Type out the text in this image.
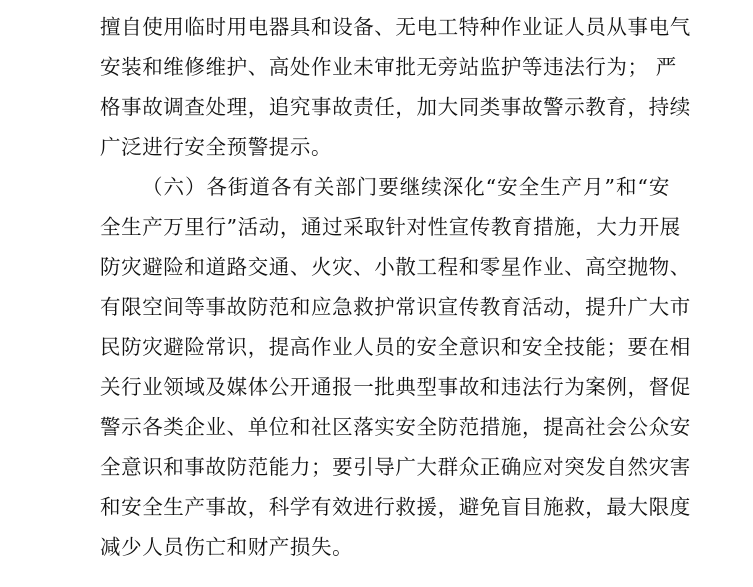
擅自使用临时用电器具和设备、无电工特种作业证人员从事电气
安装和维修维护、高处作业未审批无旁站监护等违法行为； 严
格事故调查处理，追究事故责任，加大同类事故警示教育，持续
广泛进行安全预警提示。
（六）各街道各有关部门要继续深化“安全生产月”和“安
全生产万里行”活动，通过采取针对性宣传教育措施，大力开展
防灾避险和道路交通、火灾、小散工程和零星作业、高空抛物、
有限空间等事故防范和应急救护常识宣传教育活动，提升广大市
民防灾避险常识，提高作业人员的安全意识和安全技能；要在相
关行业领域及媒体公开通报一批典型事故和违法行为案例，督促
警示各类企业、单位和社区落实安全防范措施，提高社会公众安
全意识和事故防范能力；要引导广大群众正确应对突发自然灾害
和安全生产事故，科学有效进行救援，避免盲目施救，最大限度
减少人员伤亡和财产损失。
